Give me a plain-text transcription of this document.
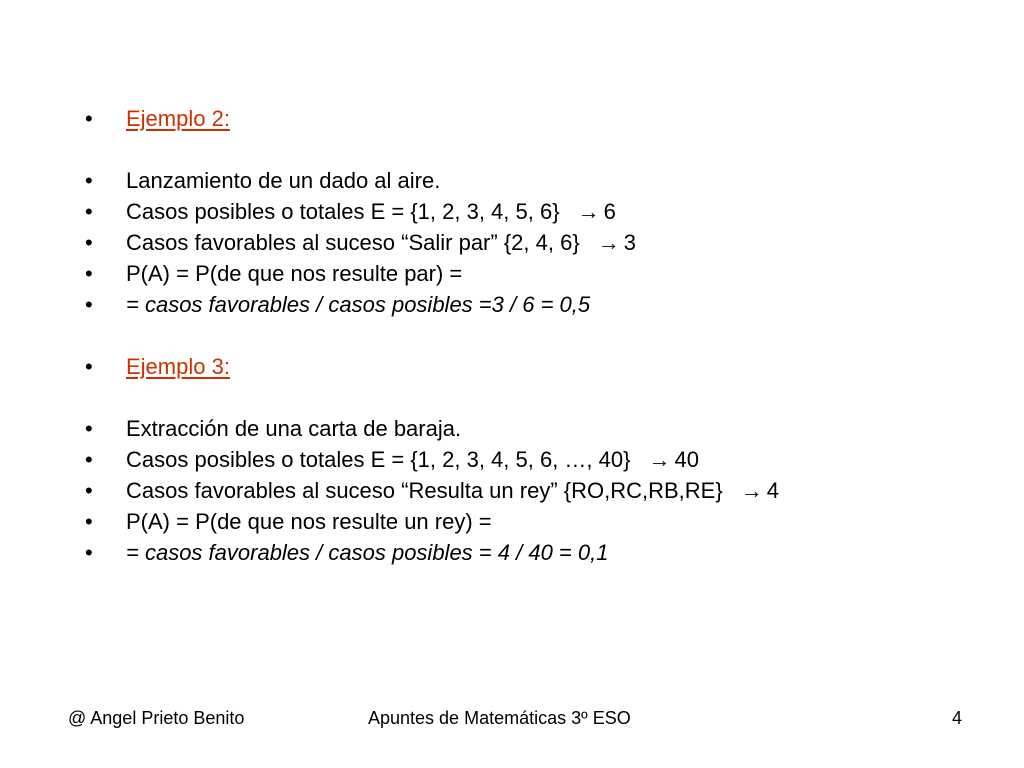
• Ejemplo 2:
• Lanzamiento de un dado al aire.
• Casos posibles o totales E = {1, 2, 3, 4, 5, 6} → 6
• Casos favorables al suceso “Salir par” {2, 4, 6} → 3
• P(A) = P(de que nos resulte par) =
• = casos favorables / casos posibles =3 / 6 = 0,5
• Ejemplo 3:
• Extracción de una carta de baraja.
• Casos posibles o totales E = {1, 2, 3, 4, 5, 6, …, 40} → 40
• Casos favorables al suceso “Resulta un rey” {RO,RC,RB,RE} → 4
• P(A) = P(de que nos resulte un rey) =
• = casos favorables / casos posibles = 4 / 40 = 0,1
@ Angel Prieto Benito	Apuntes de Matemáticas 3º ESO	4
